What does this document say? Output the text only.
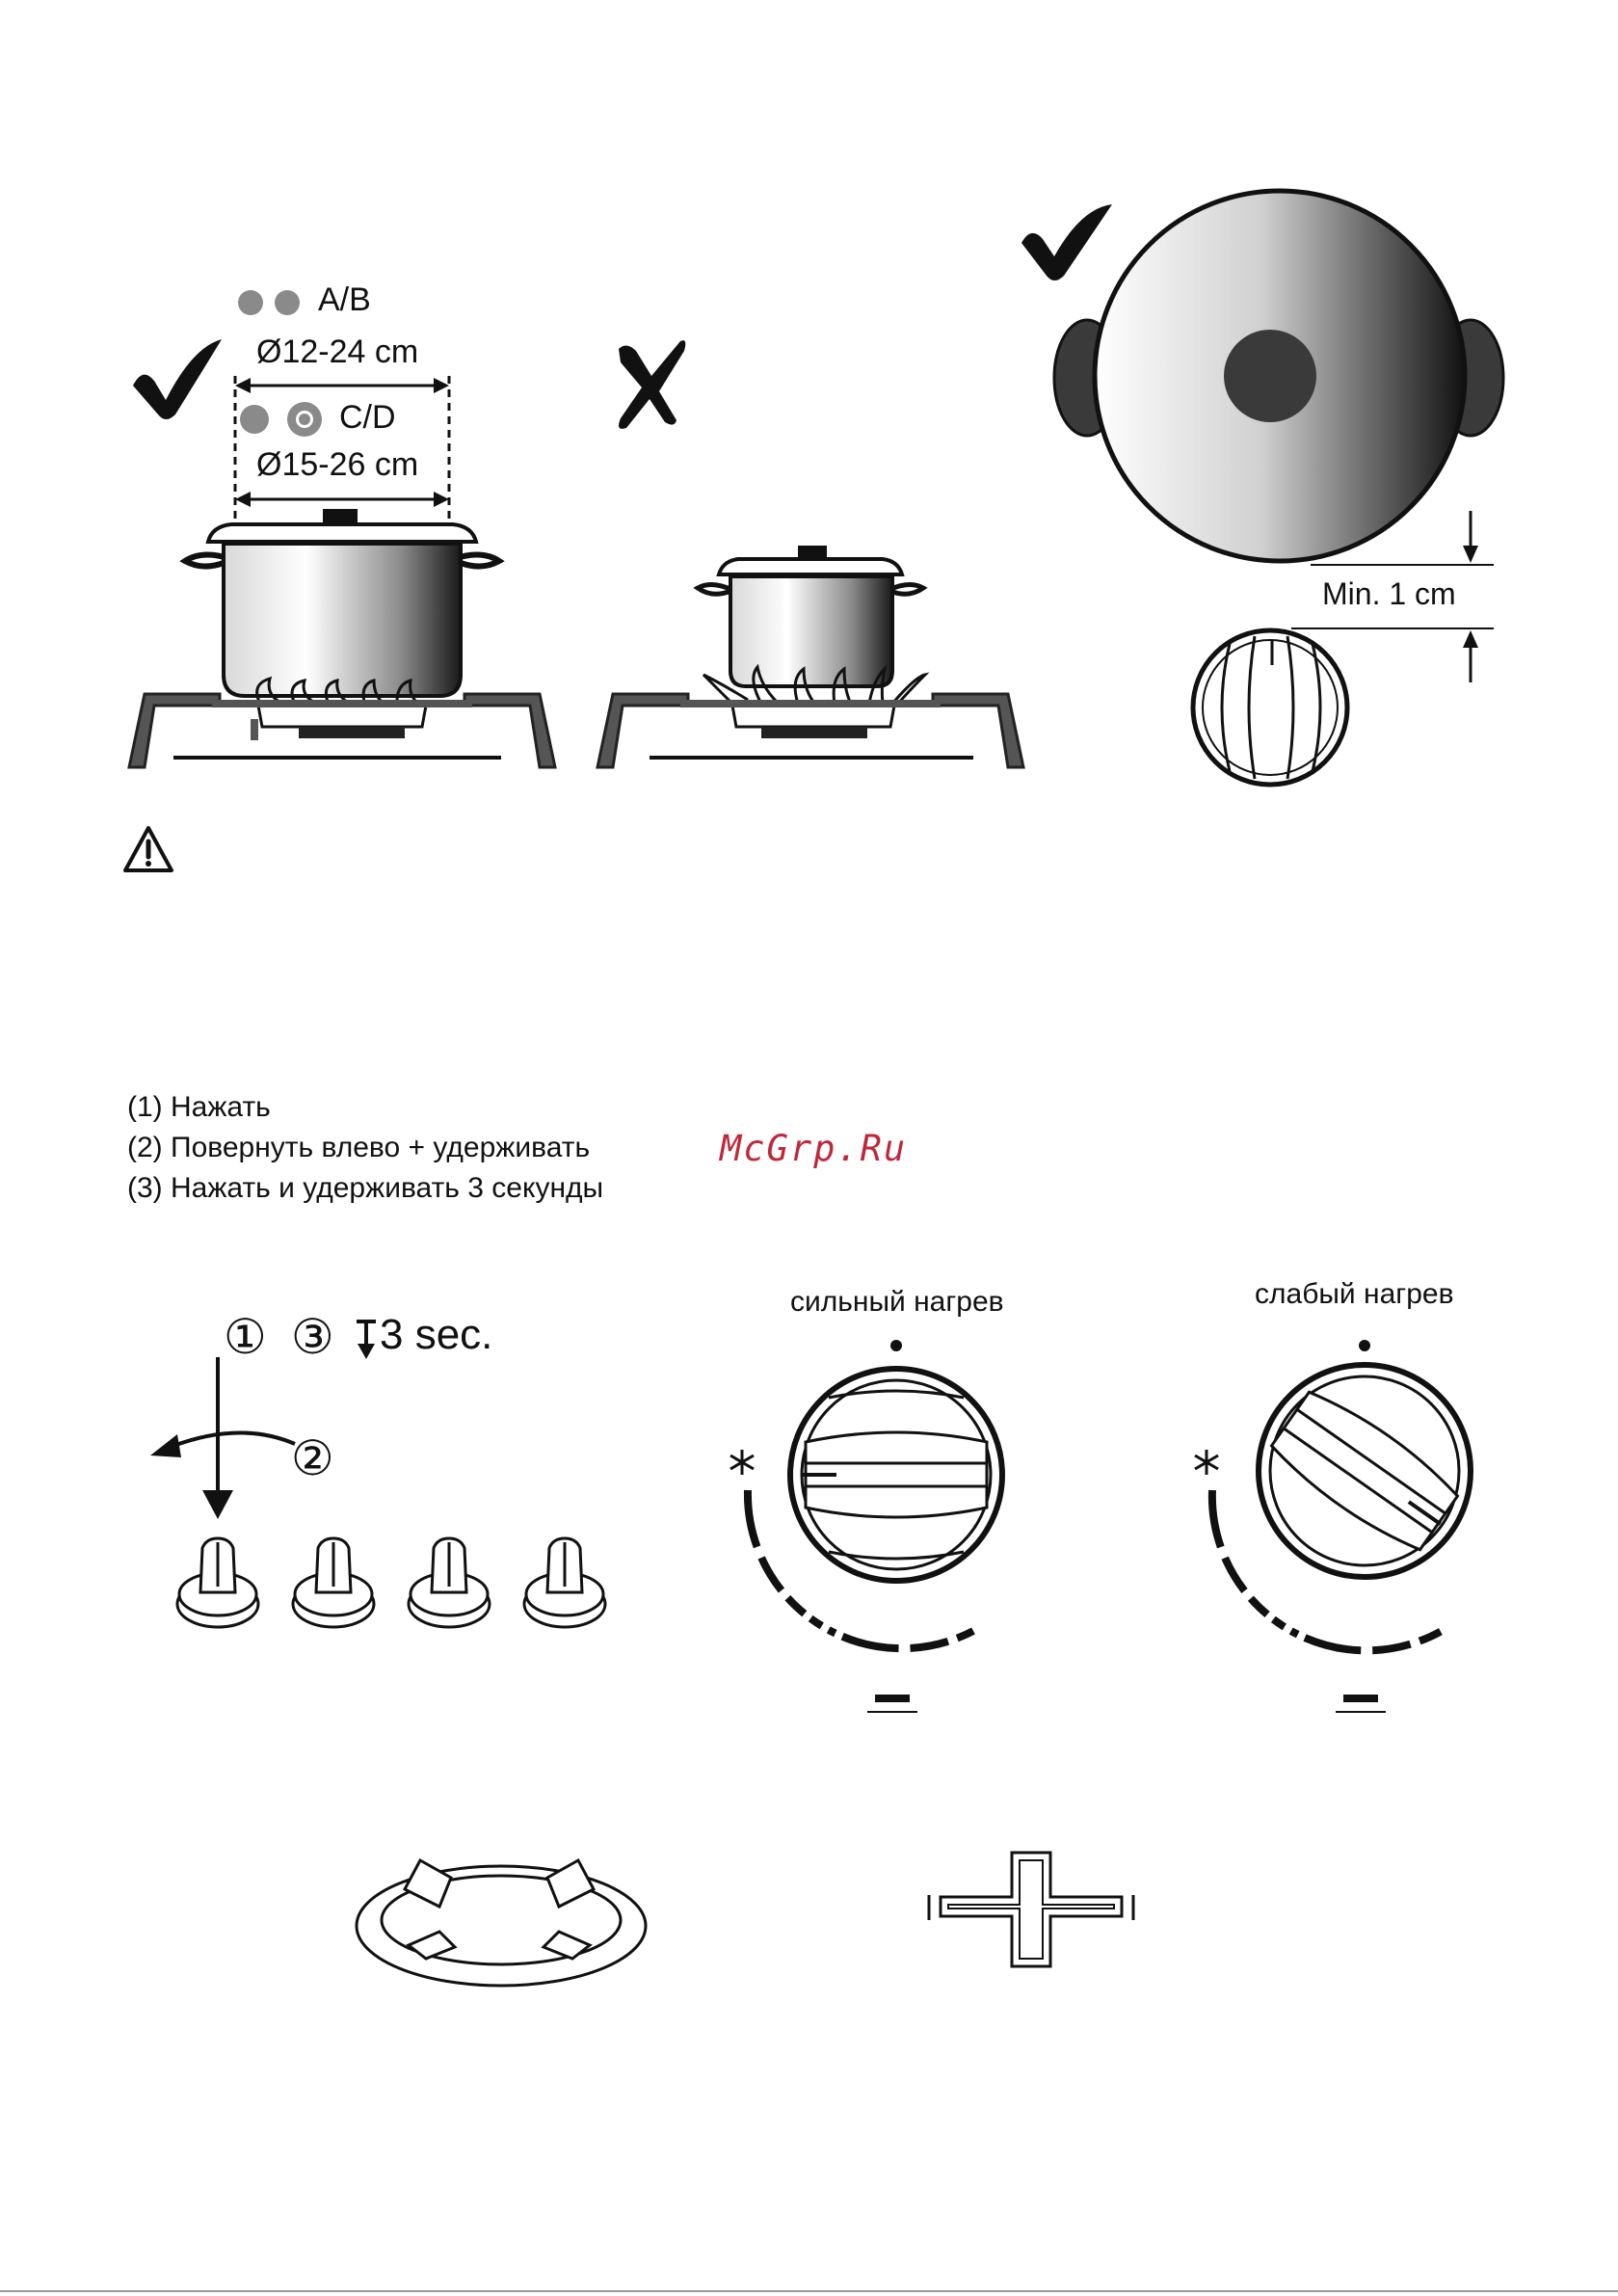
A/B
Ø12-24 cm
C/D
Ø15-26 cm
Min. 1 cm
(1) Нажать
(2) Повернуть влево + удерживать
(3) Нажать и удерживать 3 секунды
McGrp.Ru
① ③ 3 sec.
②
сильный нагрев	слабый нагрев
